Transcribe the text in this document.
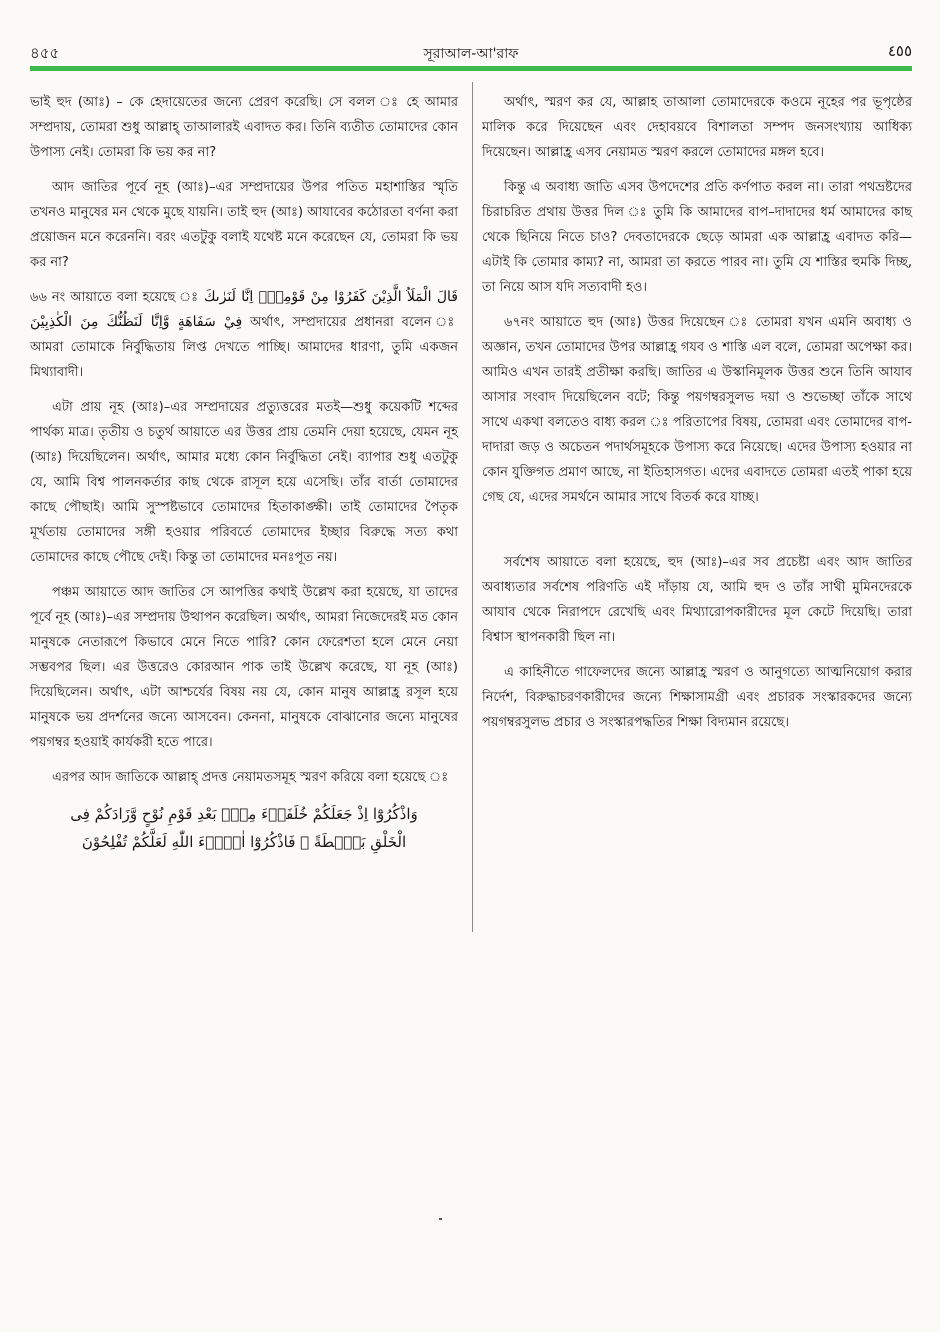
৪৫৫	সূরাআল-আ'রাফ	٤٥٥

ভাই হুদ (আঃ) – কে হেদায়েতের জন্যে প্রেরণ করেছি। সে বলল ঃ হে আমার সম্প্রদায়, তোমরা শুধু আল্লাহ্ তাআলারই এবাদত কর। তিনি ব্যতীত তোমাদের কোন উপাস্য নেই। তোমরা কি ভয় কর না?

আদ জাতির পূর্বে নূহ (আঃ)–এর সম্প্রদায়ের উপর পতিত মহাশাস্তির স্মৃতি তখনও মানুষের মন থেকে মুছে যায়নি। তাই হুদ (আঃ) আযাবের কঠোরতা বর্ণনা করা প্রয়োজন মনে করেননি। বরং এতটুকু বলাই যথেষ্ট মনে করেছেন যে, তোমরা কি ভয় কর না?

৬৬ নং আয়াতে বলা হয়েছে ঃ قَالَ الْمَلَاُ الَّذِيْنَ كَفَرُوْا مِنْ قَوْمِهٖٓ اِنَّا لَنَرٰىكَ فِيْ سَفَاهَةٍ وَّاِنَّا لَنَظُنُّكَ مِنَ الْكٰذِبِيْنَ অর্থাৎ, সম্প্রদায়ের প্রধানরা বলেন ঃ আমরা তোমাকে নির্বুদ্ধিতায় লিপ্ত দেখতে পাচ্ছি। আমাদের ধারণা, তুমি একজন মিথ্যাবাদী।

এটা প্রায় নূহ (আঃ)–এর সম্প্রদায়ের প্রত্যুত্তরের মতই—শুধু কয়েকটি শব্দের পার্থক্য মাত্র। তৃতীয় ও চতুর্থ আয়াতে এর উত্তর প্রায় তেমনি দেয়া হয়েছে, যেমন নূহ (আঃ) দিয়েছিলেন। অর্থাৎ, আমার মধ্যে কোন নির্বুদ্ধিতা নেই। ব্যাপার শুধু এতটুকু যে, আমি বিশ্ব পালনকর্তার কাছ থেকে রাসূল হয়ে এসেছি। তাঁর বার্তা তোমাদের কাছে পৌছাই। আমি সুস্পষ্টভাবে তোমাদের হিতাকাঙ্ক্ষী। তাই তোমাদের পৈতৃক মূর্খতায় তোমাদের সঙ্গী হওয়ার পরিবর্তে তোমাদের ইচ্ছার বিরুদ্ধে সত্য কথা তোমাদের কাছে পৌছে দেই। কিন্তু তা তোমাদের মনঃপূত নয়।

পঞ্চম আয়াতে আদ জাতির সে আপত্তির কথাই উল্লেখ করা হয়েছে, যা তাদের পূর্বে নূহ (আঃ)–এর সম্প্রদায় উত্থাপন করেছিল। অর্থাৎ, আমরা নিজেদেরই মত কোন মানুষকে নেতারূপে কিভাবে মেনে নিতে পারি? কোন ফেরেশতা হলে মেনে নেয়া সম্ভবপর ছিল। এর উত্তরেও কোরআন পাক তাই উল্লেখ করেছে, যা নূহ (আঃ) দিয়েছিলেন। অর্থাৎ, এটা আশ্চর্যের বিষয় নয় যে, কোন মানুষ আল্লাহ্র রসূল হয়ে মানুষকে ভয় প্রদর্শনের জন্যে আসবেন। কেননা, মানুষকে বোঝানোর জন্যে মানুষের পয়গম্বর হওয়াই কার্যকরী হতে পারে।

এরপর আদ জাতিকে আল্লাহ্ প্রদত্ত নেয়ামতসমূহ স্মরণ করিয়ে বলা হয়েছে ঃ

وَاذْكُرُوْٓا اِذْ جَعَلَكُمْ خُلَفَاۤءَ مِنْۢ بَعْدِ قَوْمِ نُوْحٍ وَّزَادَكُمْ فِى
الْخَلْقِ بَصْۜطَةً ۚ فَاذْكُرُوْٓا اٰلَاۤءَ اللّٰهِ لَعَلَّكُمْ تُفْلِحُوْنَ

অর্থাৎ, স্মরণ কর যে, আল্লাহ তাআলা তোমাদেরকে কওমে নূহের পর ভূপৃষ্ঠের মালিক করে দিয়েছেন এবং দেহাবয়বে বিশালতা সম্পদ জনসংখ্যায় আধিক্য দিয়েছেন। আল্লাহ্র এসব নেয়ামত স্মরণ করলে তোমাদের মঙ্গল হবে।

কিন্তু এ অবাধ্য জাতি এসব উপদেশের প্রতি কর্ণপাত করল না। তারা পথভ্রষ্টদের চিরাচরিত প্রথায় উত্তর দিল ঃ তুমি কি আমাদের বাপ–দাদাদের ধর্ম আমাদের কাছ থেকে ছিনিয়ে নিতে চাও? দেবতাদেরকে ছেড়ে আমরা এক আল্লাহ্র এবাদত করি—এটাই কি তোমার কাম্য? না, আমরা তা করতে পারব না। তুমি যে শাস্তির হুমকি দিচ্ছ, তা নিয়ে আস যদি সত্যবাদী হও।

৬৭নং আয়াতে হুদ (আঃ) উত্তর দিয়েছেন ঃ তোমরা যখন এমনি অবাধ্য ও অজ্ঞান, তখন তোমাদের উপর আল্লাহ্র গযব ও শাস্তি এল বলে, তোমরা অপেক্ষা কর। আমিও এখন তারই প্রতীক্ষা করছি। জাতির এ উস্কানিমূলক উত্তর শুনে তিনি আযাব আসার সংবাদ দিয়েছিলেন বটে; কিন্তু পয়গম্বরসুলভ দয়া ও শুভেচ্ছা তাঁকে সাথে সাথে একথা বলতেও বাধ্য করল ঃ পরিতাপের বিষয়, তোমরা এবং তোমাদের বাপ-দাদারা জড় ও অচেতন পদার্থসমূহকে উপাস্য করে নিয়েছে। এদের উপাস্য হওয়ার না কোন যুক্তিগত প্রমাণ আছে, না ইতিহাসগত। এদের এবাদতে তোমরা এতই পাকা হয়ে গেছ যে, এদের সমর্থনে আমার সাথে বিতর্ক করে যাচ্ছ।

সর্বশেষ আয়াতে বলা হয়েছে, হুদ (আঃ)–এর সব প্রচেষ্টা এবং আদ জাতির অবাধ্যতার সর্বশেষ পরিণতি এই দাঁড়ায় যে, আমি হুদ ও তাঁর সাথী মুমিনদেরকে আযাব থেকে নিরাপদে রেখেছি এবং মিথ্যারোপকারীদের মূল কেটে দিয়েছি। তারা বিশ্বাস স্থাপনকারী ছিল না।

এ কাহিনীতে গাফেলদের জন্যে আল্লাহ্র স্মরণ ও আনুগত্যে আত্মনিয়োগ করার নির্দেশ, বিরুদ্ধাচরণকারীদের জন্যে শিক্ষাসামগ্রী এবং প্রচারক সংস্কারকদের জন্যে পয়গম্বরসুলভ প্রচার ও সংস্কারপদ্ধতির শিক্ষা বিদ্যমান রয়েছে।
